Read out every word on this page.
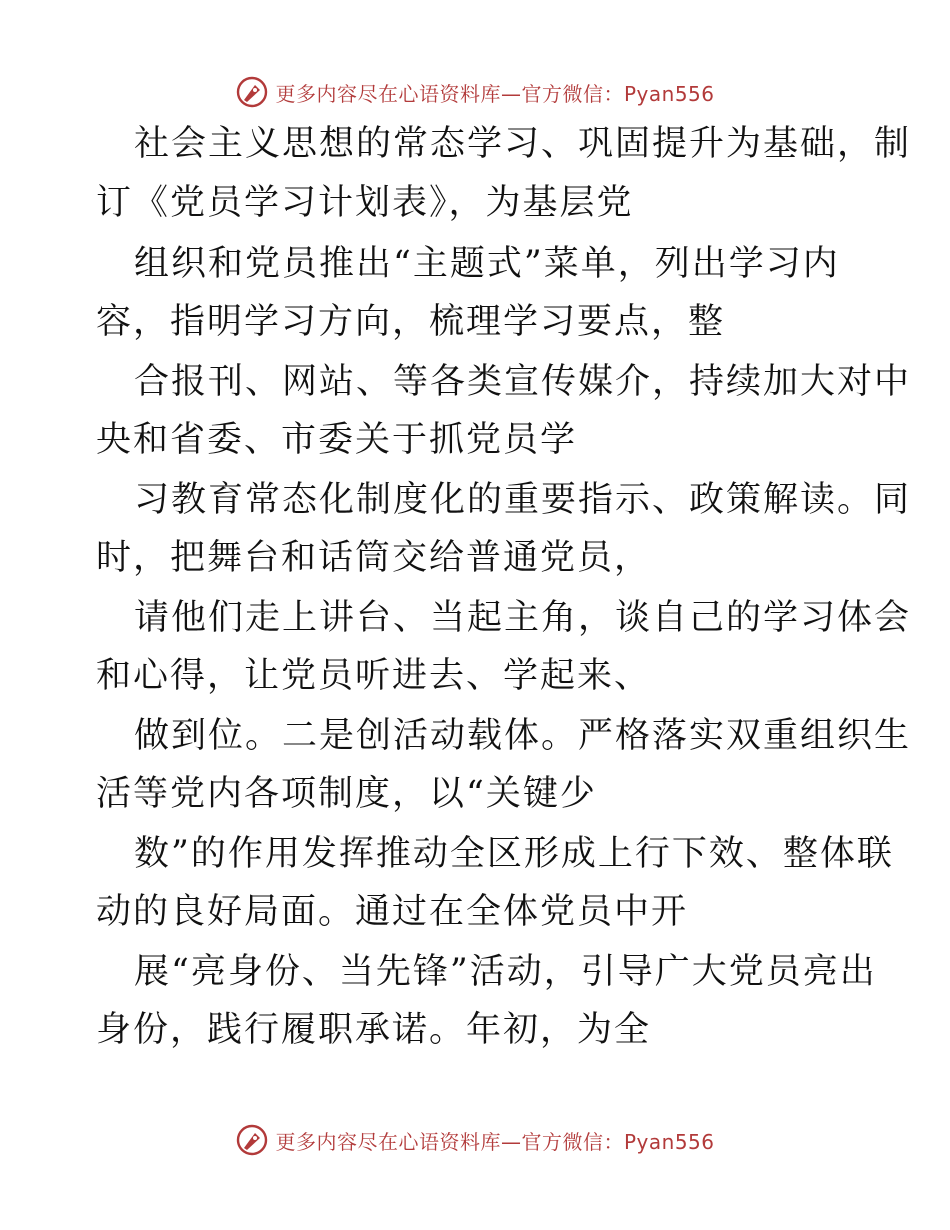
更多内容尽在心语资料库—官方微信：Pyan556
社会主义思想的常态学习、巩固提升为基础，制
订《党员学习计划表》，为基层党
组织和党员推出“主题式”菜单，列出学习内
容，指明学习方向，梳理学习要点，整
合报刊、网站、等各类宣传媒介，持续加大对中
央和省委、市委关于抓党员学
习教育常态化制度化的重要指示、政策解读。同
时，把舞台和话筒交给普通党员，
请他们走上讲台、当起主角，谈自己的学习体会
和心得，让党员听进去、学起来、
做到位。二是创活动载体。严格落实双重组织生
活等党内各项制度，以“关键少
数”的作用发挥推动全区形成上行下效、整体联
动的良好局面。通过在全体党员中开
展“亮身份、当先锋”活动，引导广大党员亮出
身份，践行履职承诺。年初，为全
更多内容尽在心语资料库—官方微信：Pyan556
